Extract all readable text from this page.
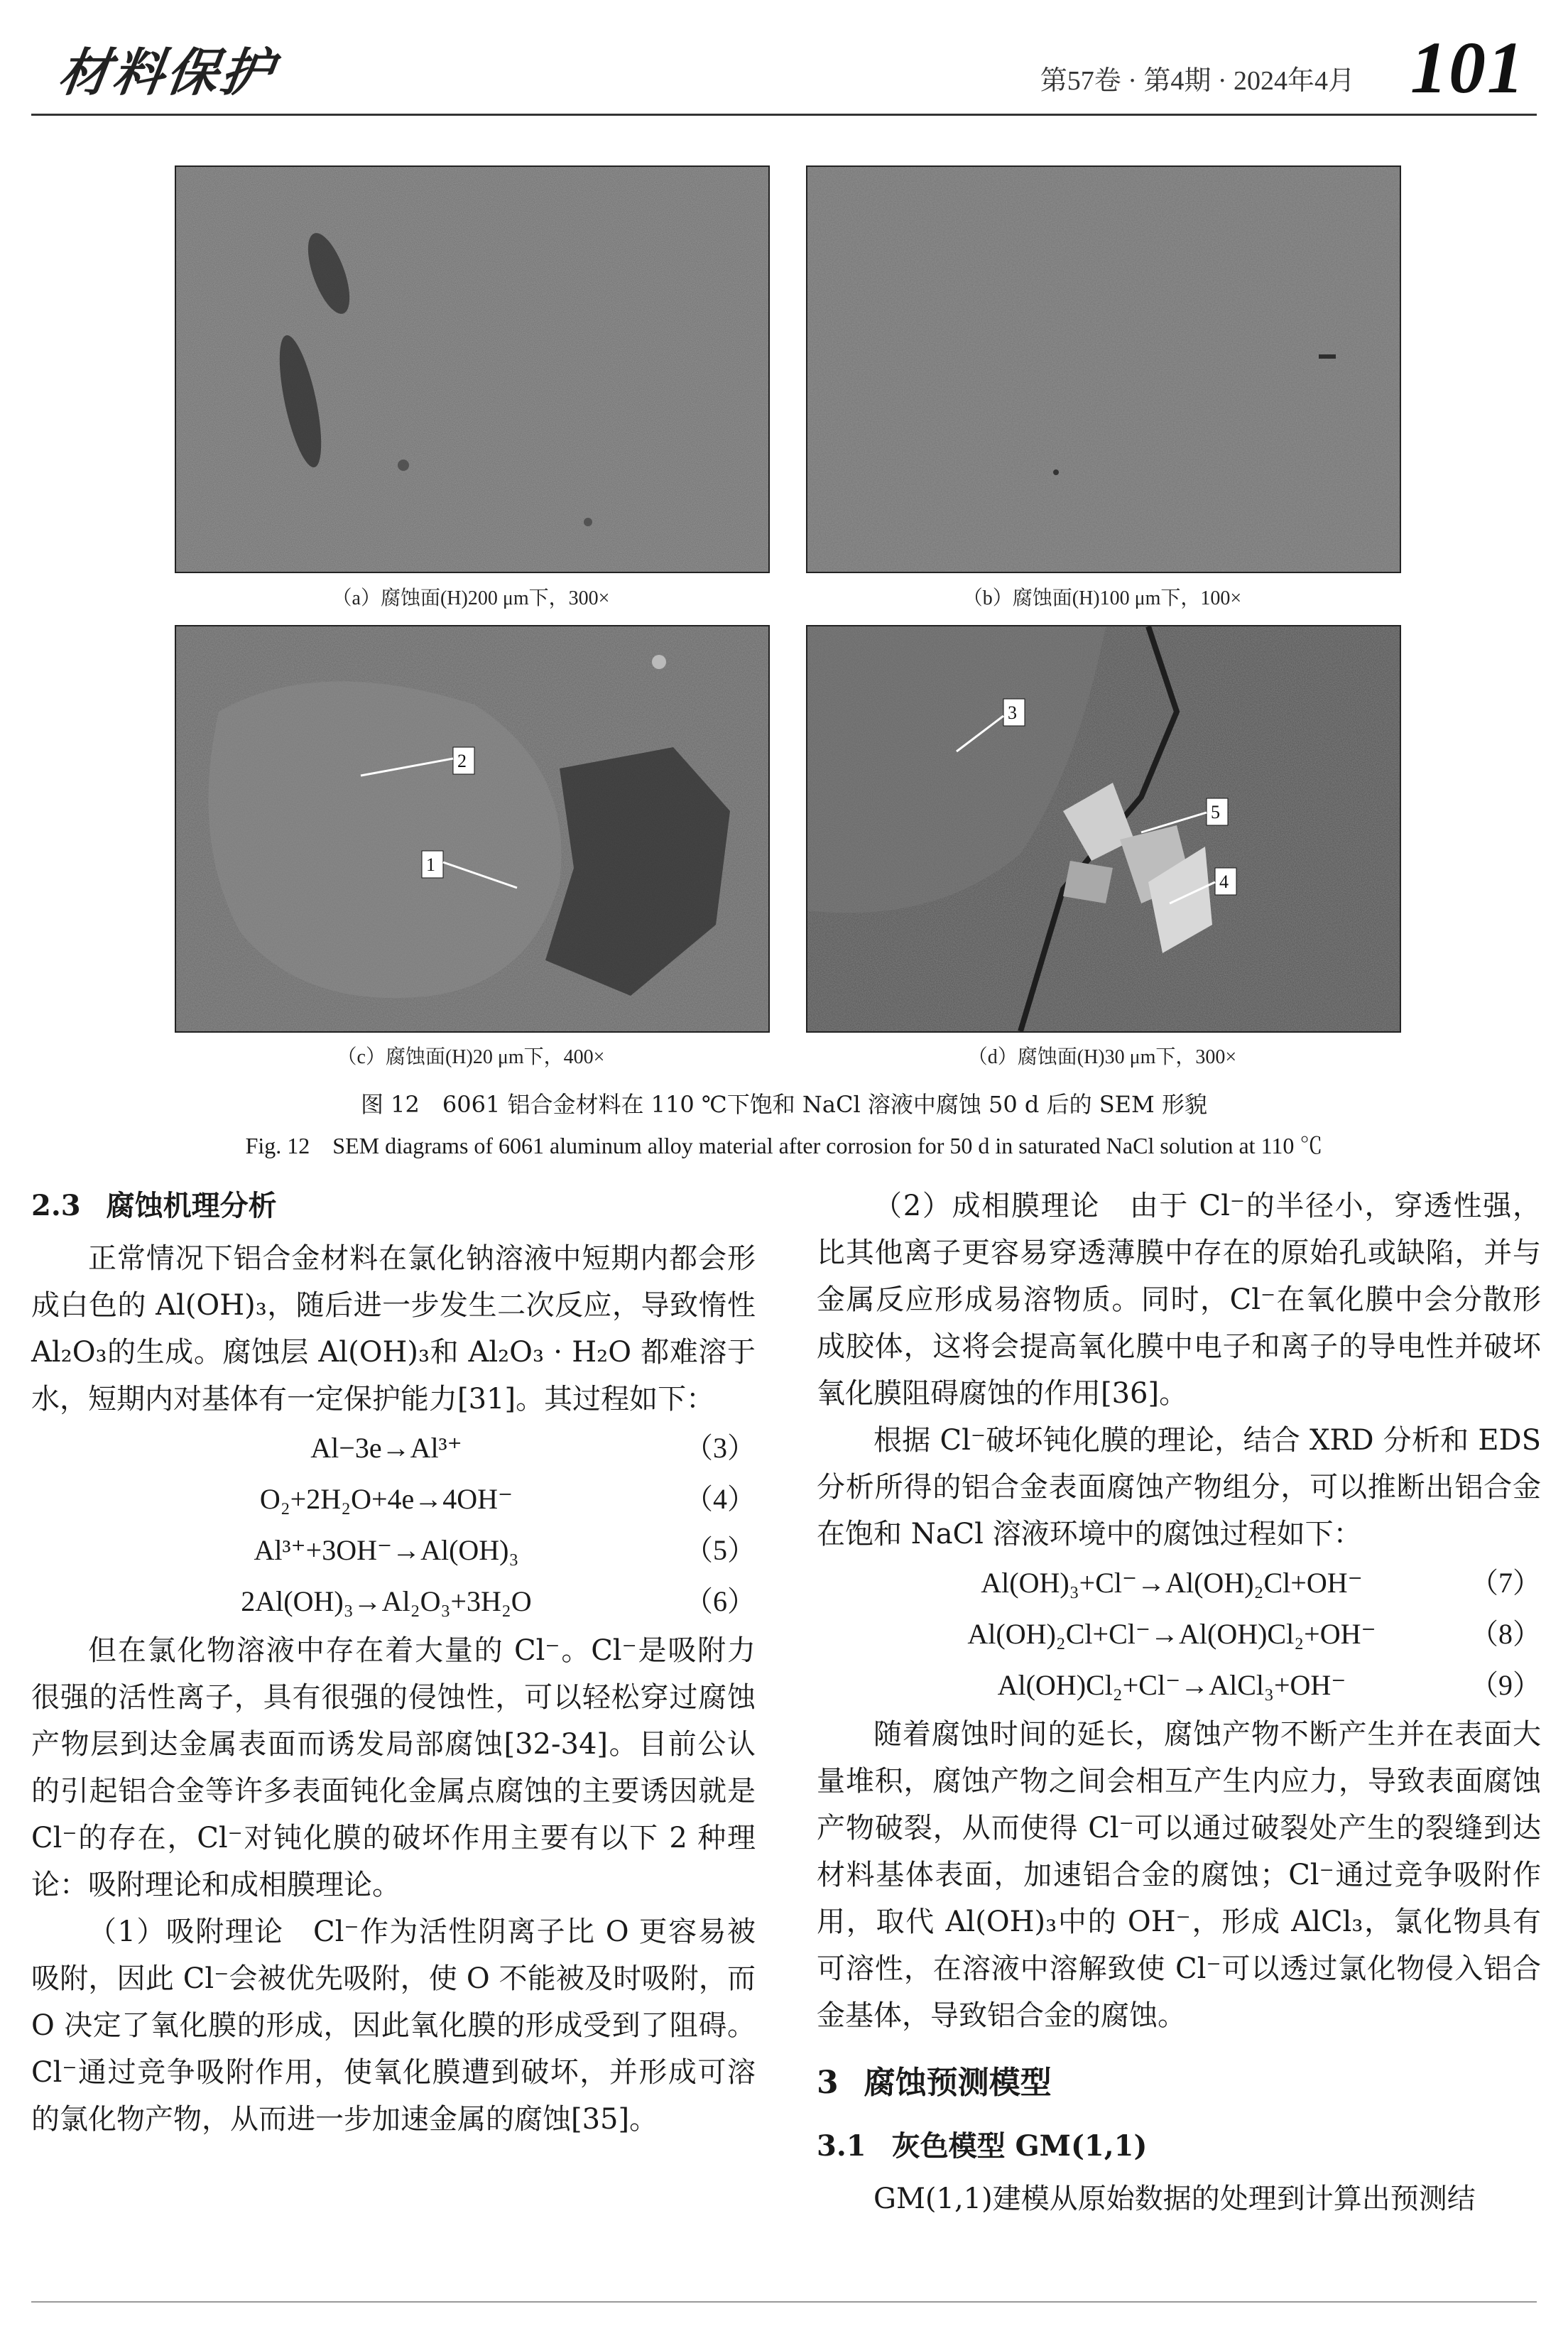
材料保护	第57卷 · 第4期 · 2024年4月 101
1
2
3
4
5
（a）腐蚀面(H)200 μm下，300×	（b）腐蚀面(H)100 μm下，100×
（c）腐蚀面(H)20 μm下，400×	（d）腐蚀面(H)30 μm下，300×
图 12　6061 铝合金材料在 110 ℃下饱和 NaCl 溶液中腐蚀 50 d 后的 SEM 形貌
Fig. 12　SEM diagrams of 6061 aluminum alloy material after corrosion for 50 d in saturated NaCl solution at 110 ℃
2.3 腐蚀机理分析

正常情况下铝合金材料在氯化钠溶液中短期内都会形成白色的 Al(OH)₃，随后进一步发生二次反应，导致惰性 Al₂O₃的生成。腐蚀层 Al(OH)₃和 Al₂O₃ · H₂O 都难溶于水，短期内对基体有一定保护能力[31]。其过程如下：

Al−3e→Al³⁺	（3）
O₂+2H₂O+4e→4OH⁻	（4）
Al³⁺+3OH⁻→Al(OH)₃	（5）
2Al(OH)₃→Al₂O₃+3H₂O	（6）

但在氯化物溶液中存在着大量的 Cl⁻。Cl⁻是吸附力很强的活性离子，具有很强的侵蚀性，可以轻松穿过腐蚀产物层到达金属表面而诱发局部腐蚀[32-34]。目前公认的引起铝合金等许多表面钝化金属点腐蚀的主要诱因就是 Cl⁻的存在，Cl⁻对钝化膜的破坏作用主要有以下 2 种理论：吸附理论和成相膜理论。

（1）吸附理论　Cl⁻作为活性阴离子比 O 更容易被吸附，因此 Cl⁻会被优先吸附，使 O 不能被及时吸附，而 O 决定了氧化膜的形成，因此氧化膜的形成受到了阻碍。Cl⁻通过竞争吸附作用，使氧化膜遭到破坏，并形成可溶的氯化物产物，从而进一步加速金属的腐蚀[35]。

（2）成相膜理论　由于 Cl⁻的半径小，穿透性强，比其他离子更容易穿透薄膜中存在的原始孔或缺陷，并与金属反应形成易溶物质。同时，Cl⁻在氧化膜中会分散形成胶体，这将会提高氧化膜中电子和离子的导电性并破坏氧化膜阻碍腐蚀的作用[36]。

根据 Cl⁻破坏钝化膜的理论，结合 XRD 分析和 EDS 分析所得的铝合金表面腐蚀产物组分，可以推断出铝合金在饱和 NaCl 溶液环境中的腐蚀过程如下：

Al(OH)₃+Cl⁻→Al(OH)₂Cl+OH⁻	（7）
Al(OH)₂Cl+Cl⁻→Al(OH)Cl₂+OH⁻	（8）
Al(OH)Cl₂+Cl⁻→AlCl₃+OH⁻	（9）

随着腐蚀时间的延长，腐蚀产物不断产生并在表面大量堆积，腐蚀产物之间会相互产生内应力，导致表面腐蚀产物破裂，从而使得 Cl⁻可以通过破裂处产生的裂缝到达材料基体表面，加速铝合金的腐蚀；Cl⁻通过竞争吸附作用，取代 Al(OH)₃中的 OH⁻，形成 AlCl₃，氯化物具有可溶性，在溶液中溶解致使 Cl⁻可以透过氯化物侵入铝合金基体，导致铝合金的腐蚀。

3 腐蚀预测模型
3.1 灰色模型 GM(1,1)

GM(1,1)建模从原始数据的处理到计算出预测结
